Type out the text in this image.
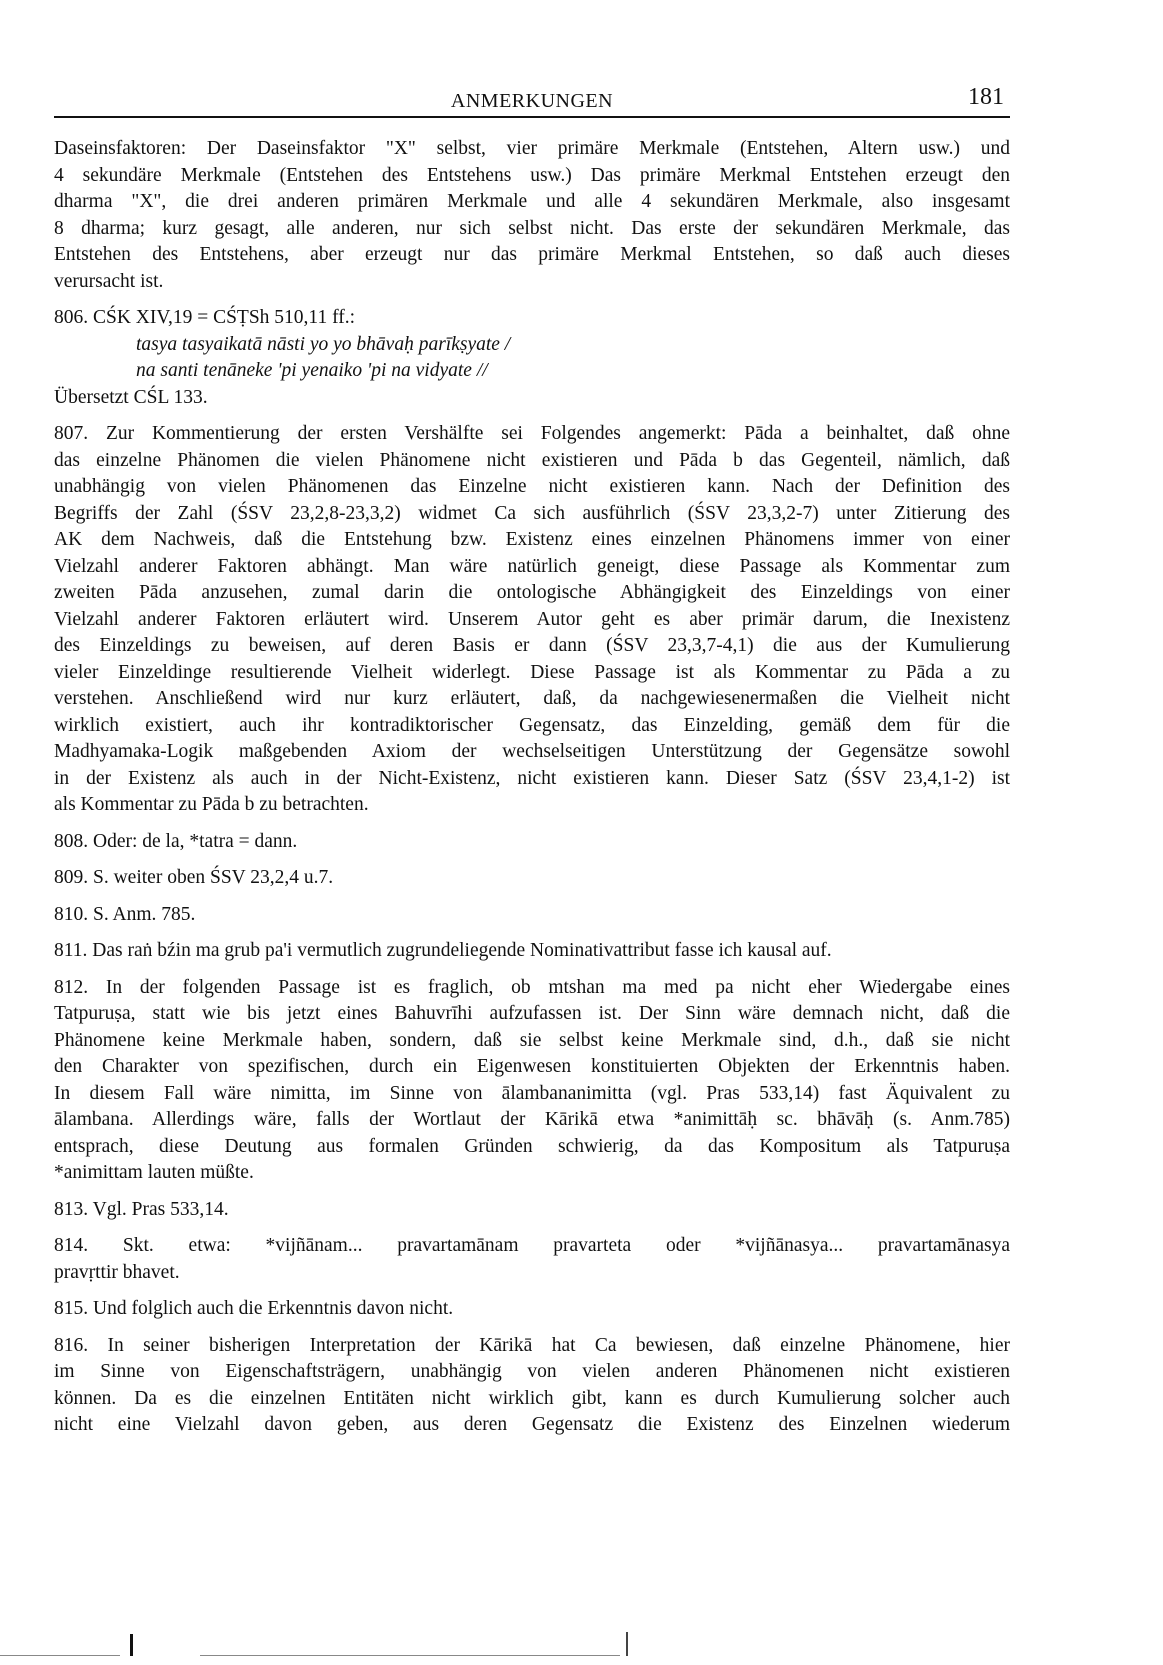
ANMERKUNGEN	181
Daseinsfaktoren: Der Daseinsfaktor "X" selbst, vier primäre Merkmale (Entstehen, Altern usw.) und
4 sekundäre Merkmale (Entstehen des Entstehens usw.) Das primäre Merkmal Entstehen erzeugt den
dharma "X", die drei anderen primären Merkmale und alle 4 sekundären Merkmale, also insgesamt
8 dharma; kurz gesagt, alle anderen, nur sich selbst nicht. Das erste der sekundären Merkmale, das
Entstehen des Entstehens, aber erzeugt nur das primäre Merkmal Entstehen, so daß auch dieses
verursacht ist.
806. CŚK XIV,19 = CŚṬSh 510,11 ff.:
tasya tasyaikatā nāsti yo yo bhāvaḥ parīkṣyate /
na santi tenāneke 'pi yenaiko 'pi na vidyate //
Übersetzt CŚL 133.
807. Zur Kommentierung der ersten Vershälfte sei Folgendes angemerkt: Pāda a beinhaltet, daß ohne
das einzelne Phänomen die vielen Phänomene nicht existieren und Pāda b das Gegenteil, nämlich, daß
unabhängig von vielen Phänomenen das Einzelne nicht existieren kann. Nach der Definition des
Begriffs der Zahl (ŚSV 23,2,8-23,3,2) widmet Ca sich ausführlich (ŚSV 23,3,2-7) unter Zitierung des
AK dem Nachweis, daß die Entstehung bzw. Existenz eines einzelnen Phänomens immer von einer
Vielzahl anderer Faktoren abhängt. Man wäre natürlich geneigt, diese Passage als Kommentar zum
zweiten Pāda anzusehen, zumal darin die ontologische Abhängigkeit des Einzeldings von einer
Vielzahl anderer Faktoren erläutert wird. Unserem Autor geht es aber primär darum, die Inexistenz
des Einzeldings zu beweisen, auf deren Basis er dann (ŚSV 23,3,7-4,1) die aus der Kumulierung
vieler Einzeldinge resultierende Vielheit widerlegt. Diese Passage ist als Kommentar zu Pāda a zu
verstehen. Anschließend wird nur kurz erläutert, daß, da nachgewiesenermaßen die Vielheit nicht
wirklich existiert, auch ihr kontradiktorischer Gegensatz, das Einzelding, gemäß dem für die
Madhyamaka-Logik maßgebenden Axiom der wechselseitigen Unterstützung der Gegensätze sowohl
in der Existenz als auch in der Nicht-Existenz, nicht existieren kann. Dieser Satz (ŚSV 23,4,1-2) ist
als Kommentar zu Pāda b zu betrachten.
808. Oder: de la, *tatra = dann.
809. S. weiter oben ŚSV 23,2,4 u.7.
810. S. Anm. 785.
811. Das raṅ bźin ma grub pa'i vermutlich zugrundeliegende Nominativattribut fasse ich kausal auf.
812. In der folgenden Passage ist es fraglich, ob mtshan ma med pa nicht eher Wiedergabe eines
Tatpuruṣa, statt wie bis jetzt eines Bahuvrīhi aufzufassen ist. Der Sinn wäre demnach nicht, daß die
Phänomene keine Merkmale haben, sondern, daß sie selbst keine Merkmale sind, d.h., daß sie nicht
den Charakter von spezifischen, durch ein Eigenwesen konstituierten Objekten der Erkenntnis haben.
In diesem Fall wäre nimitta, im Sinne von ālambananimitta (vgl. Pras 533,14) fast Äquivalent zu
ālambana. Allerdings wäre, falls der Wortlaut der Kārikā etwa *animittāḥ sc. bhāvāḥ (s. Anm.785)
entsprach, diese Deutung aus formalen Gründen schwierig, da das Kompositum als Tatpuruṣa
*animittam lauten müßte.
813. Vgl. Pras 533,14.
814. Skt. etwa: *vijñānam... pravartamānam pravarteta oder *vijñānasya... pravartamānasya
pravṛttir bhavet.
815. Und folglich auch die Erkenntnis davon nicht.
816. In seiner bisherigen Interpretation der Kārikā hat Ca bewiesen, daß einzelne Phänomene, hier
im Sinne von Eigenschaftsträgern, unabhängig von vielen anderen Phänomenen nicht existieren
können. Da es die einzelnen Entitäten nicht wirklich gibt, kann es durch Kumulierung solcher auch
nicht eine Vielzahl davon geben, aus deren Gegensatz die Existenz des Einzelnen wiederum
